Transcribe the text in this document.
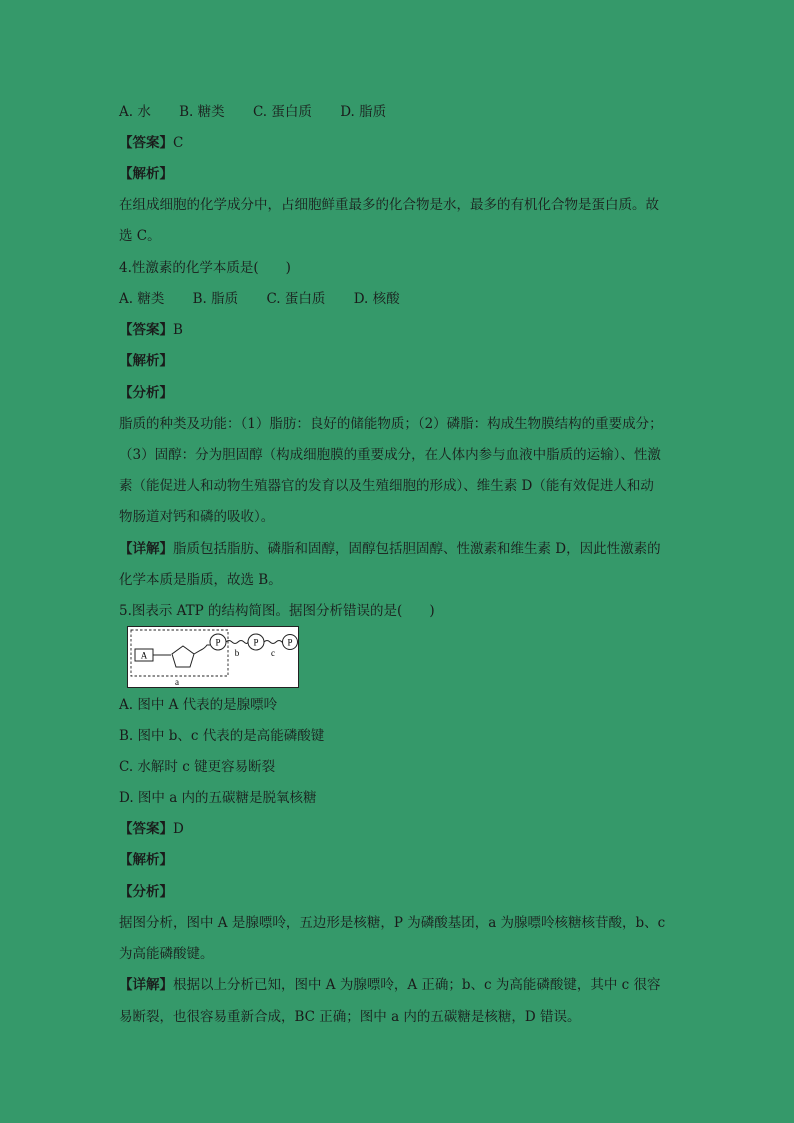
A. 水 B. 糖类 C. 蛋白质 D. 脂质
【答案】C
【解析】
在组成细胞的化学成分中，占细胞鲜重最多的化合物是水，最多的有机化合物是蛋白质。故
选 C。
4.性激素的化学本质是(　　)
A. 糖类 B. 脂质 C. 蛋白质 D. 核酸
【答案】B
【解析】
【分析】
脂质的种类及功能：（1）脂肪：良好的储能物质；（2）磷脂：构成生物膜结构的重要成分；
（3）固醇：分为胆固醇（构成细胞膜的重要成分，在人体内参与血液中脂质的运输）、性激
素（能促进人和动物生殖器官的发育以及生殖细胞的形成）、维生素 D（能有效促进人和动
物肠道对钙和磷的吸收）。
【详解】脂质包括脂肪、磷脂和固醇，固醇包括胆固醇、性激素和维生素 D，因此性激素的
化学本质是脂质，故选 B。
5.图表示 ATP 的结构简图。据图分析错误的是(　　)
A
P	P	P
b	c
a
A. 图中 A 代表的是腺嘌呤
B. 图中 b、c 代表的是高能磷酸键
C. 水解时 c 键更容易断裂
D. 图中 a 内的五碳糖是脱氧核糖
【答案】D
【解析】
【分析】
据图分析，图中 A 是腺嘌呤，五边形是核糖，P 为磷酸基团，a 为腺嘌呤核糖核苷酸，b、c
为高能磷酸键。
【详解】根据以上分析已知，图中 A 为腺嘌呤，A 正确；b、c 为高能磷酸键，其中 c 很容
易断裂，也很容易重新合成，BC 正确；图中 a 内的五碳糖是核糖，D 错误。
